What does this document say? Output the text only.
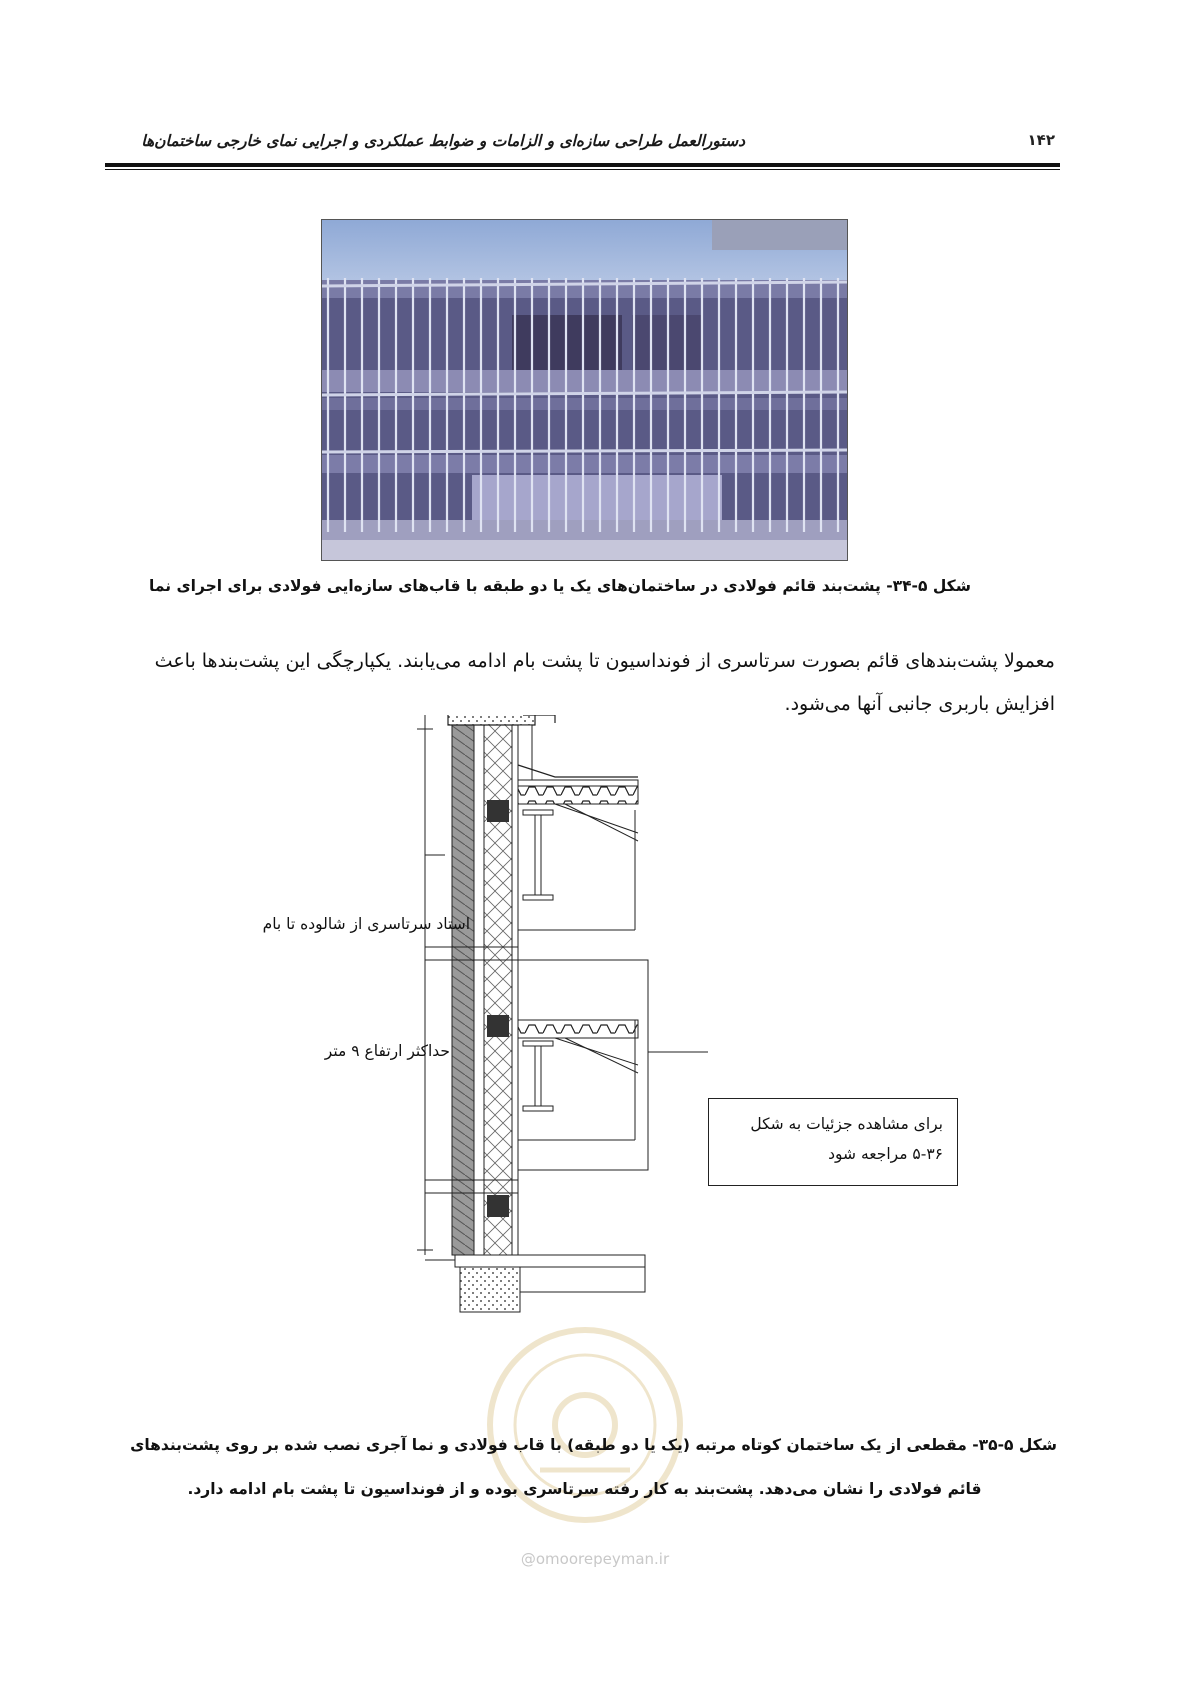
دستورالعمل طراحی سازه‌ای و الزامات و ضوابط عملکردی و اجرایی نمای خارجی ساختمان‌ها	۱۴۲
شکل ۵-۳۴- پشت‌بند قائم فولادی در ساختمان‌های یک یا دو طبقه با قاب‌های سازه‌ایی فولادی برای اجرای نما
معمولا پشت‌بندهای قائم بصورت سرتاسری از فونداسیون تا پشت بام ادامه می‌یابند. یکپارچگی این پشت‌بندها باعث
افزایش باربری جانبی آنها می‌شود.
استاد سرتاسری از شالوده تا بام
حداکثر ارتفاع ۹ متر
برای مشاهده جزئیات به شکل
۵-۳۶ مراجعه شود
شکل ۵-۳۵- مقطعی از یک ساختمان کوتاه مرتبه (یک یا دو طبقه) با قاب فولادی و نما آجری نصب شده بر روی پشت‌بندهای
قائم فولادی را نشان می‌دهد. پشت‌بند به کار رفته سرتاسری بوده و از فونداسیون تا پشت بام ادامه دارد.
@omoorepeyman.ir
